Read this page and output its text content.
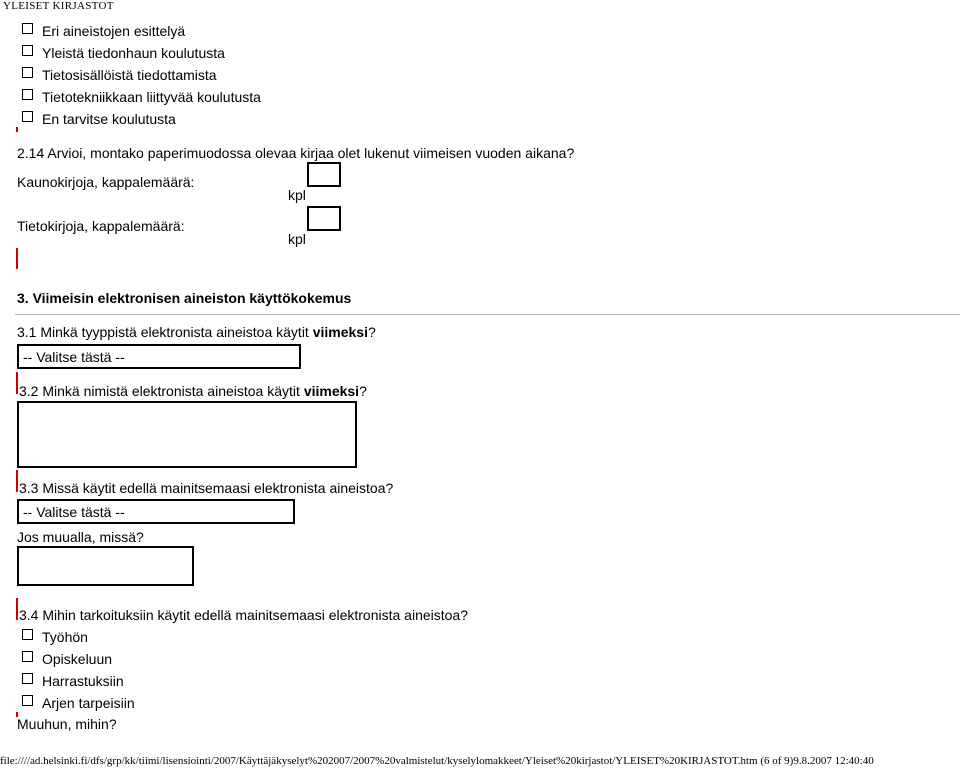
YLEISET KIRJASTOT
Eri aineistojen esittelyä
Yleistä tiedonhaun koulutusta
Tietosisällöistä tiedottamista
Tietotekniikkaan liittyvää koulutusta
En tarvitse koulutusta
2.14 Arvioi, montako paperimuodossa olevaa kirjaa olet lukenut viimeisen vuoden aikana?
Kaunokirjoja, kappalemäärä:
kpl
Tietokirjoja, kappalemäärä:
kpl
3. Viimeisin elektronisen aineiston käyttökokemus
3.1 Minkä tyyppistä elektronista aineistoa käytit viimeksi?
-- Valitse tästä --
3.2 Minkä nimistä elektronista aineistoa käytit viimeksi?
3.3 Missä käytit edellä mainitsemaasi elektronista aineistoa?
-- Valitse tästä --
Jos muualla, missä?
3.4 Mihin tarkoituksiin käytit edellä mainitsemaasi elektronista aineistoa?
Työhön
Opiskeluun
Harrastuksiin
Arjen tarpeisiin
Muuhun, mihin?
file:////ad.helsinki.fi/dfs/grp/kk/tiimi/lisensiointi/2007/Käyttäjäkyselyt%202007/2007%20valmistelut/kyselylomakkeet/Yleiset%20kirjastot/YLEISET%20KIRJASTOT.htm (6 of 9)9.8.2007 12:40:40
